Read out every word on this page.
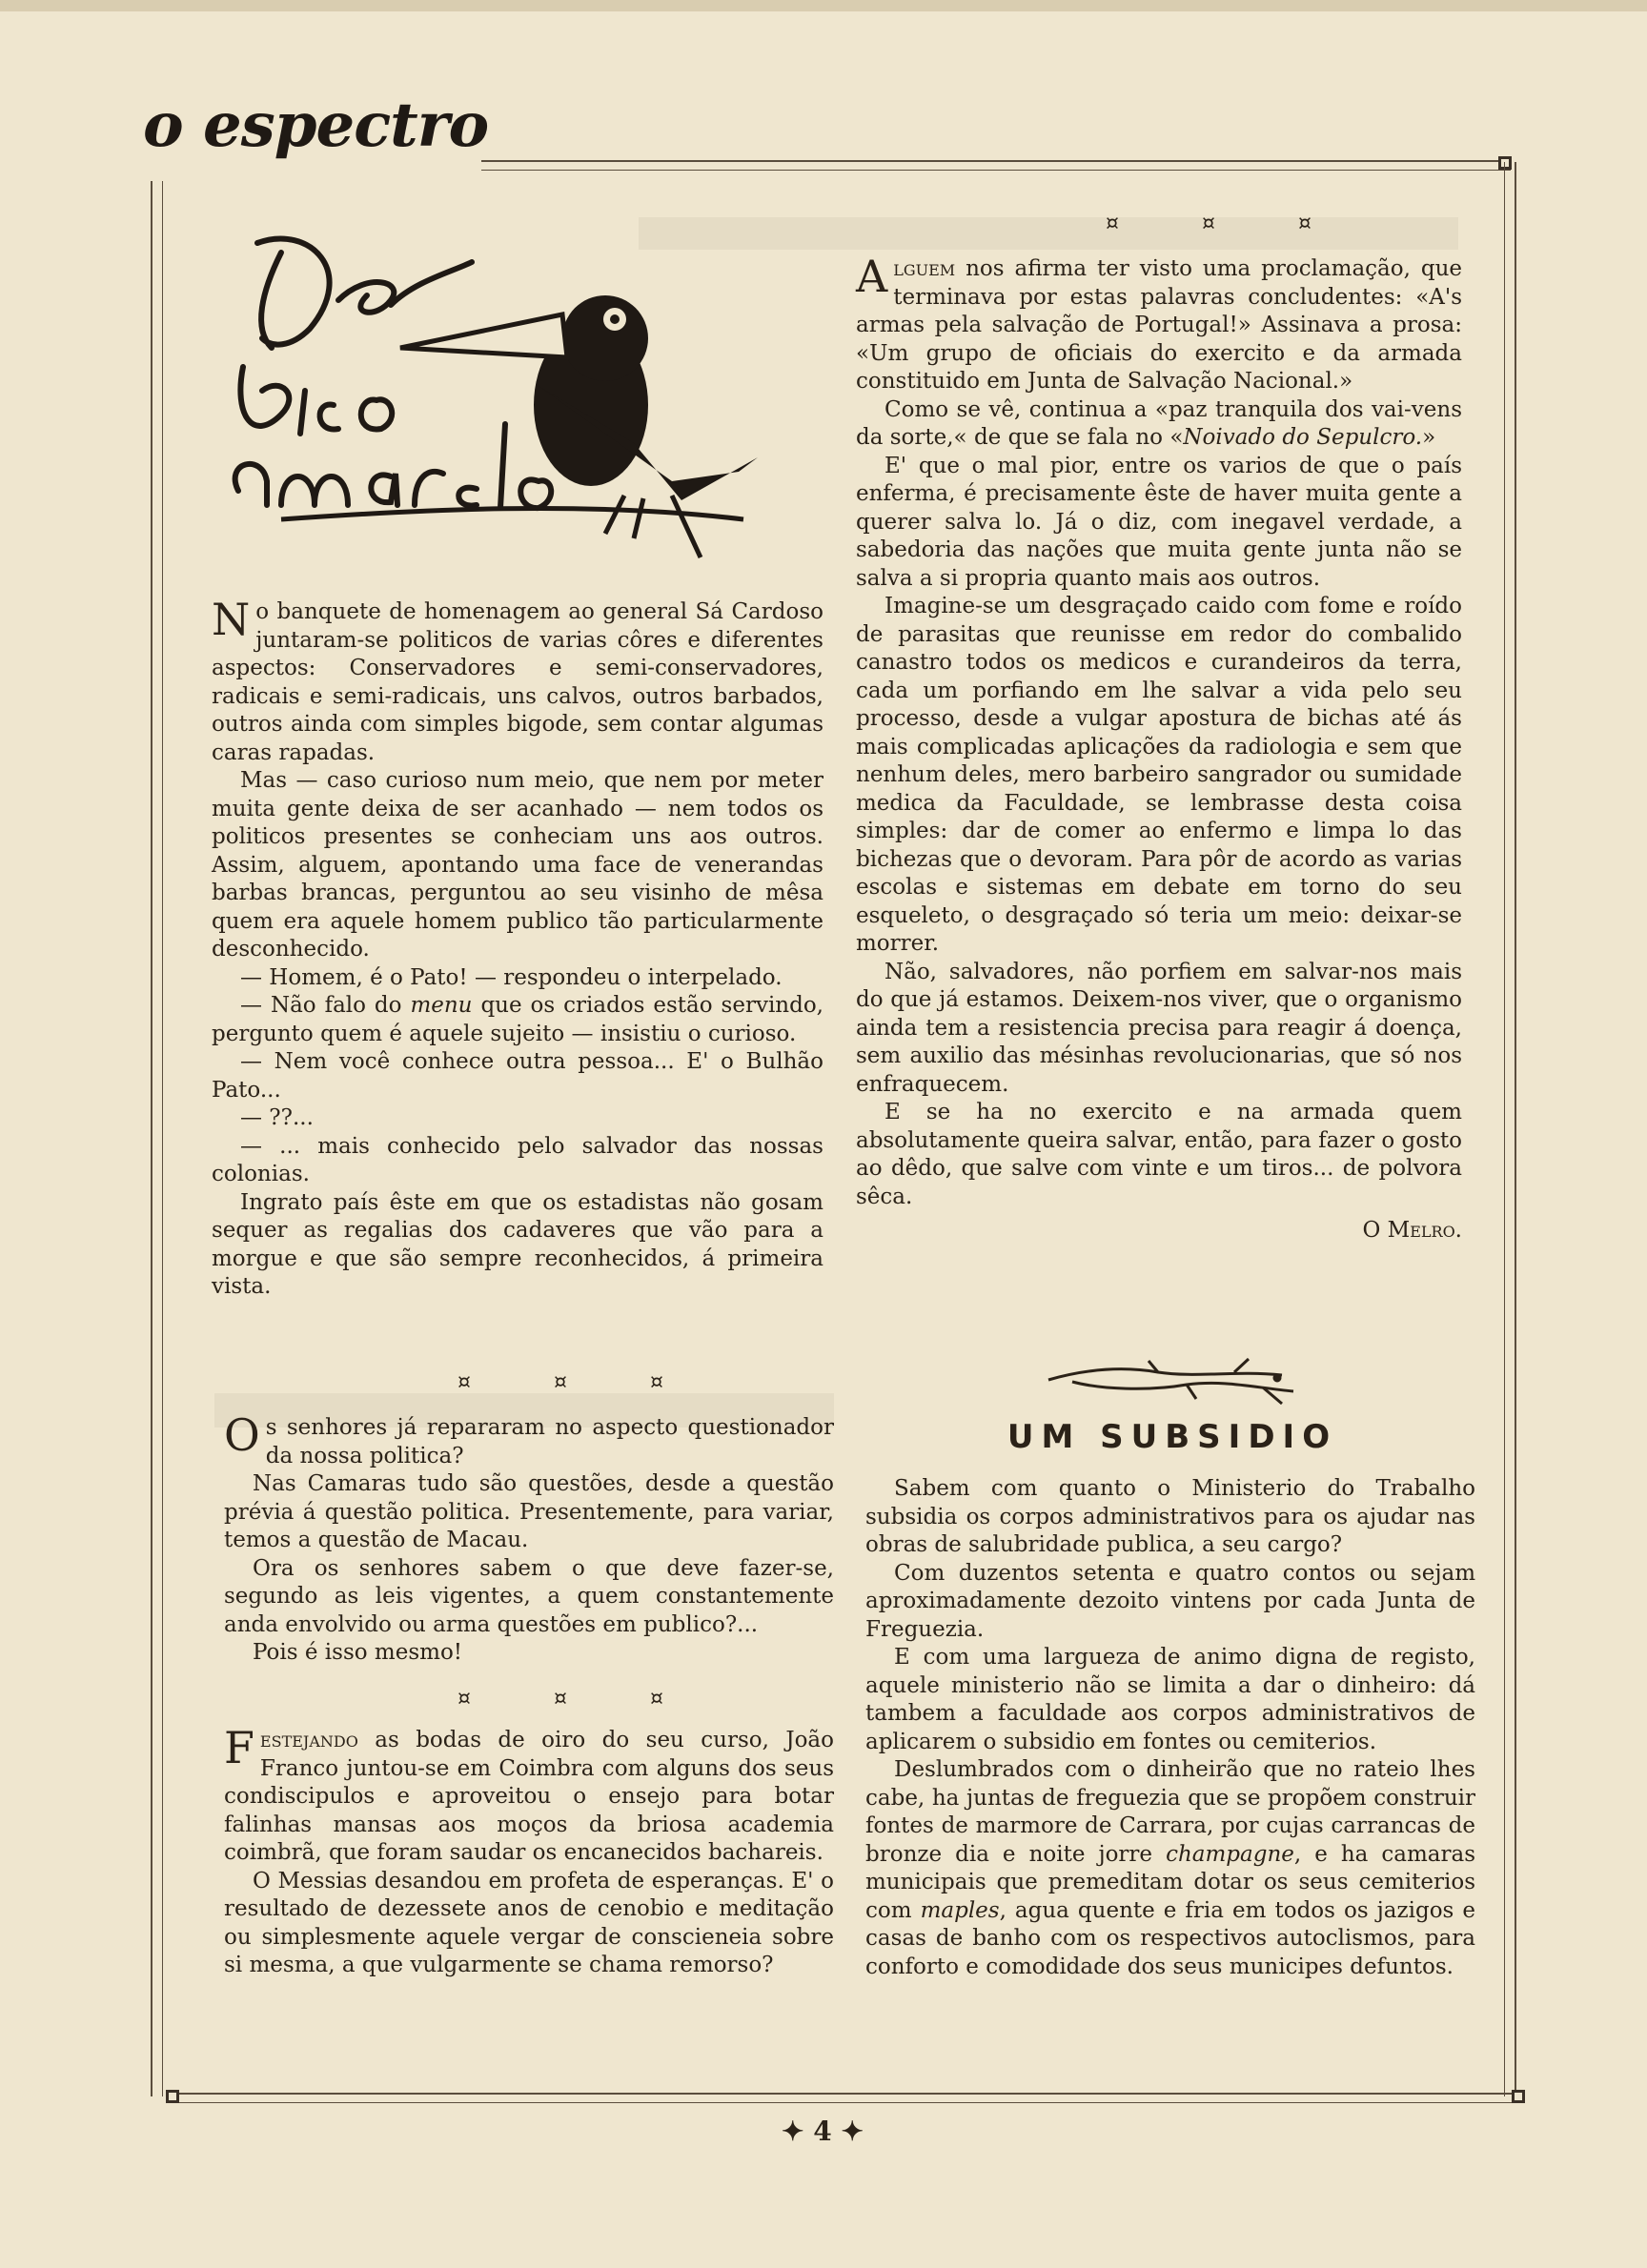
o espectro

No banquete de homenagem ao general Sá Cardoso juntaram-se politicos de varias côres e diferentes aspectos: Conservadores e semi-conservadores, radicais e semi-radicais, uns calvos, outros barbados, outros ainda com simples bigode, sem contar algumas caras rapadas.

Mas — caso curioso num meio, que nem por meter muita gente deixa de ser acanhado — nem todos os politicos presentes se conheciam uns aos outros. Assim, alguem, apontando uma face de venerandas barbas brancas, perguntou ao seu visinho de mêsa quem era aquele homem publico tão particularmente desconhecido.

— Homem, é o Pato! — respondeu o interpelado.

— Não falo do menu que os criados estão servindo, pergunto quem é aquele sujeito — insistiu o curioso.

— Nem você conhece outra pessoa... E' o Bulhão Pato...

— ??...

— ... mais conhecido pelo salvador das nossas colonias.

Ingrato país êste em que os estadistas não gosam sequer as regalias dos cadaveres que vão para a morgue e que são sempre reconhecidos, á primeira vista.

¤ ¤ ¤

Os senhores já repararam no aspecto questionador da nossa politica?

Nas Camaras tudo são questões, desde a questão prévia á questão politica. Presentemente, para variar, temos a questão de Macau.

Ora os senhores sabem o que deve fazer-se, segundo as leis vigentes, a quem constantemente anda envolvido ou arma questões em publico?...

Pois é isso mesmo!

¤ ¤ ¤

Festejando as bodas de oiro do seu curso, João Franco juntou-se em Coimbra com alguns dos seus condiscipulos e aproveitou o ensejo para botar falinhas mansas aos moços da briosa academia coimbrã, que foram saudar os encanecidos bachareis.

O Messias desandou em profeta de esperanças. E' o resultado de dezessete anos de cenobio e meditação ou simplesmente aquele vergar de conscieneia sobre si mesma, a que vulgarmente se chama remorso?

¤ ¤ ¤

Alguem nos afirma ter visto uma proclamação, que terminava por estas palavras concludentes: «A's armas pela salvação de Portugal!» Assinava a prosa: «Um grupo de oficiais do exercito e da armada constituido em Junta de Salvação Nacional.»

Como se vê, continua a «paz tranquila dos vai-vens da sorte,« de que se fala no «Noivado do Sepulcro.»

E' que o mal pior, entre os varios de que o país enferma, é precisamente êste de haver muita gente a querer salva lo. Já o diz, com inegavel verdade, a sabedoria das nações que muita gente junta não se salva a si propria quanto mais aos outros.

Imagine-se um desgraçado caido com fome e roído de parasitas que reunisse em redor do combalido canastro todos os medicos e curandeiros da terra, cada um porfiando em lhe salvar a vida pelo seu processo, desde a vulgar apostura de bichas até ás mais complicadas aplicações da radiologia e sem que nenhum deles, mero barbeiro sangrador ou sumidade medica da Faculdade, se lembrasse desta coisa simples: dar de comer ao enfermo e limpa lo das bichezas que o devoram. Para pôr de acordo as varias escolas e sistemas em debate em torno do seu esqueleto, o desgraçado só teria um meio: deixar-se morrer.

Não, salvadores, não porfiem em salvar-nos mais do que já estamos. Deixem-nos viver, que o organismo ainda tem a resistencia precisa para reagir á doença, sem auxilio das mésinhas revolucionarias, que só nos enfraquecem.

E se ha no exercito e na armada quem absolutamente queira salvar, então, para fazer o gosto ao dêdo, que salve com vinte e um tiros... de polvora sêca.

O Melro.
UM SUBSIDIO

Sabem com quanto o Ministerio do Trabalho subsidia os corpos administrativos para os ajudar nas obras de salubridade publica, a seu cargo?

Com duzentos setenta e quatro contos ou sejam aproximadamente dezoito vintens por cada Junta de Freguezia.

E com uma largueza de animo digna de registo, aquele ministerio não se limita a dar o dinheiro: dá tambem a faculdade aos corpos administrativos de aplicarem o subsidio em fontes ou cemiterios.

Deslumbrados com o dinheirão que no rateio lhes cabe, ha juntas de freguezia que se propõem construir fontes de marmore de Carrara, por cujas carrancas de bronze dia e noite jorre champagne, e ha camaras municipais que premeditam dotar os seus cemiterios com maples, agua quente e fria em todos os jazigos e casas de banho com os respectivos autoclismos, para conforto e comodidade dos seus municipes defuntos.

✦ 4 ✦
